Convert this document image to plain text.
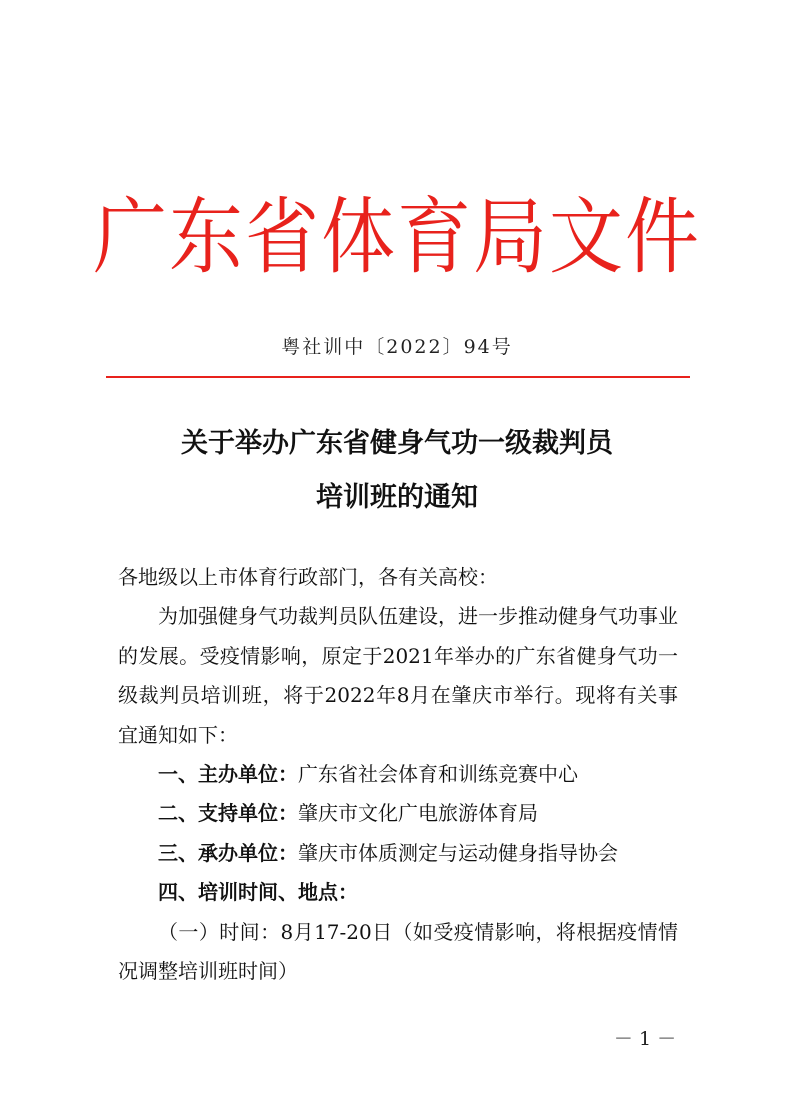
广东省体育局文件
粤社训中〔2022〕94号
关于举办广东省健身气功一级裁判员
培训班的通知

各地级以上市体育行政部门，各有关高校：

为加强健身气功裁判员队伍建设，进一步推动健身气功事业的发展。受疫情影响，原定于2021年举办的广东省健身气功一级裁判员培训班，将于2022年8月在肇庆市举行。现将有关事宜通知如下：

一、主办单位：广东省社会体育和训练竞赛中心

二、支持单位：肇庆市文化广电旅游体育局

三、承办单位：肇庆市体质测定与运动健身指导协会

四、培训时间、地点：

（一）时间：8月17-20日（如受疫情影响，将根据疫情情况调整培训班时间）

－ 1 －
